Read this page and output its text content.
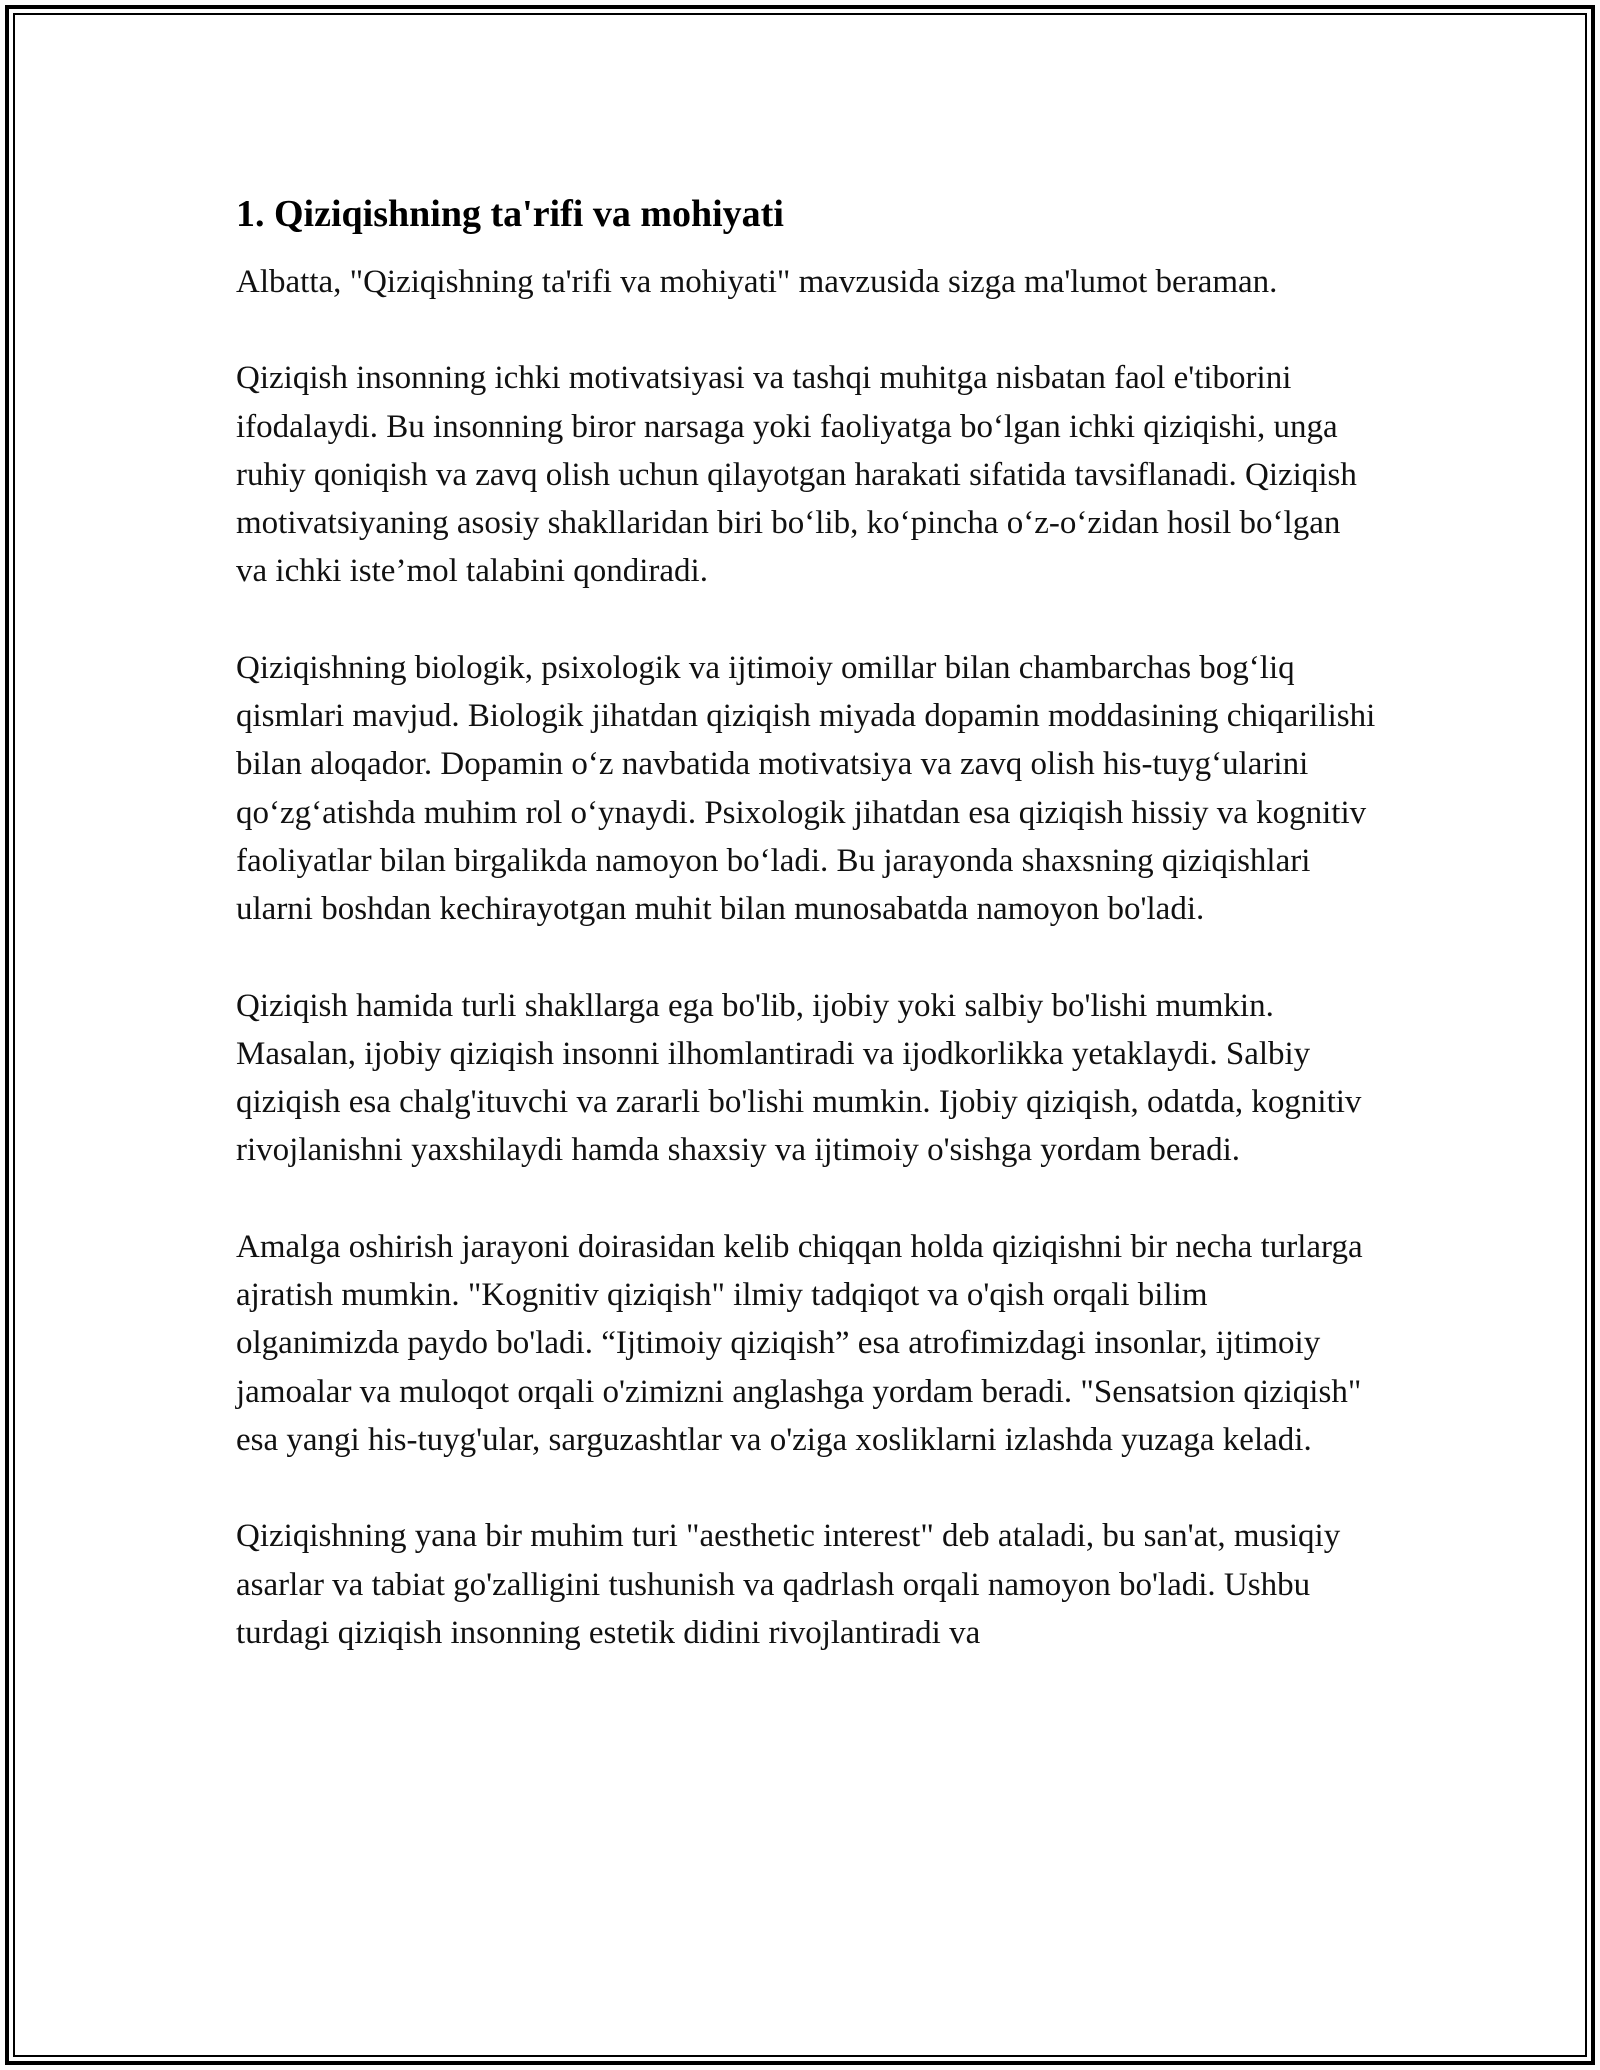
1. Qiziqishning ta'rifi va mohiyati

Albatta, "Qiziqishning ta'rifi va mohiyati" mavzusida sizga ma'lumot beraman.

Qiziqish insonning ichki motivatsiyasi va tashqi muhitga nisbatan faol e'tiborini ifodalaydi. Bu insonning biror narsaga yoki faoliyatga bo‘lgan ichki qiziqishi, unga ruhiy qoniqish va zavq olish uchun qilayotgan harakati sifatida tavsiflanadi. Qiziqish motivatsiyaning asosiy shakllaridan biri bo‘lib, ko‘pincha o‘z-o‘zidan hosil bo‘lgan va ichki iste’mol talabini qondiradi.

Qiziqishning biologik, psixologik va ijtimoiy omillar bilan chambarchas bog‘liq qismlari mavjud. Biologik jihatdan qiziqish miyada dopamin moddasining chiqarilishi bilan aloqador. Dopamin o‘z navbatida motivatsiya va zavq olish his-tuyg‘ularini qo‘zg‘atishda muhim rol o‘ynaydi. Psixologik jihatdan esa qiziqish hissiy va kognitiv faoliyatlar bilan birgalikda namoyon bo‘ladi. Bu jarayonda shaxsning qiziqishlari ularni boshdan kechirayotgan muhit bilan munosabatda namoyon bo'ladi.

Qiziqish hamida turli shakllarga ega bo'lib, ijobiy yoki salbiy bo'lishi mumkin. Masalan, ijobiy qiziqish insonni ilhomlantiradi va ijodkorlikka yetaklaydi. Salbiy qiziqish esa chalg'ituvchi va zararli bo'lishi mumkin. Ijobiy qiziqish, odatda, kognitiv rivojlanishni yaxshilaydi hamda shaxsiy va ijtimoiy o'sishga yordam beradi.

Amalga oshirish jarayoni doirasidan kelib chiqqan holda qiziqishni bir necha turlarga ajratish mumkin. "Kognitiv qiziqish" ilmiy tadqiqot va o'qish orqali bilim olganimizda paydo bo'ladi. “Ijtimoiy qiziqish” esa atrofimizdagi insonlar, ijtimoiy jamoalar va muloqot orqali o'zimizni anglashga yordam beradi. "Sensatsion qiziqish" esa yangi his-tuyg'ular, sarguzashtlar va o'ziga xosliklarni izlashda yuzaga keladi.

Qiziqishning yana bir muhim turi "aesthetic interest" deb ataladi, bu san'at, musiqiy asarlar va tabiat go'zalligini tushunish va qadrlash orqali namoyon bo'ladi. Ushbu turdagi qiziqish insonning estetik didini rivojlantiradi va
